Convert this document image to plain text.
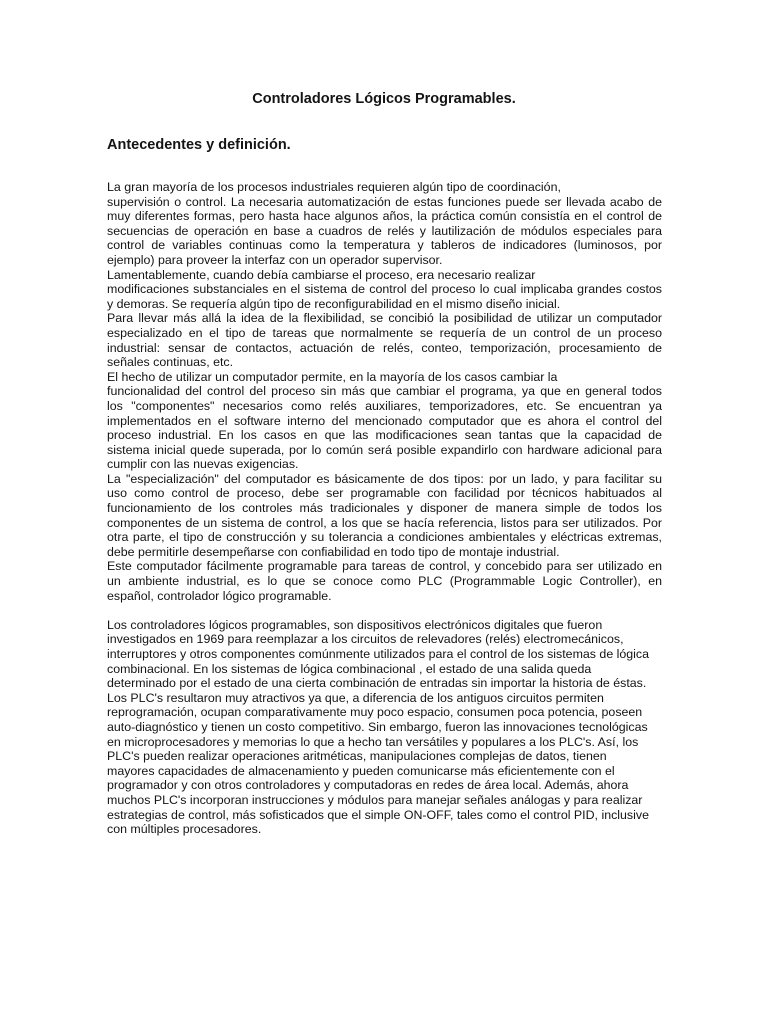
Controladores Lógicos Programables.
Antecedentes y definición.
La gran mayoría de los procesos industriales requieren algún tipo de coordinación,
supervisión o control. La necesaria automatización de estas funciones puede ser llevada acabo de
muy diferentes formas, pero hasta hace algunos años, la práctica común consistía en el control de
secuencias de operación en base a cuadros de relés y lautilización de módulos especiales para
control de variables continuas como la temperatura y tableros de indicadores (luminosos, por
ejemplo) para proveer la interfaz con un operador supervisor.
Lamentablemente, cuando debía cambiarse el proceso, era necesario realizar
modificaciones substanciales en el sistema de control del proceso lo cual implicaba grandes costos
y demoras. Se requería algún tipo de reconfigurabilidad en el mismo diseño inicial.
Para llevar más allá la idea de la flexibilidad, se concibió la posibilidad de utilizar un computador
especializado en el tipo de tareas que normalmente se requería de un control de un proceso
industrial: sensar de contactos, actuación de relés, conteo, temporización, procesamiento de
señales continuas, etc.
El hecho de utilizar un computador permite, en la mayoría de los casos cambiar la
funcionalidad del control del proceso sin más que cambiar el programa, ya que en general todos
los "componentes" necesarios como relés auxiliares, temporizadores, etc. Se encuentran ya
implementados en el software interno del mencionado computador que es ahora el control del
proceso industrial. En los casos en que las modificaciones sean tantas que la capacidad de
sistema inicial quede superada, por lo común será posible expandirlo con hardware adicional para
cumplir con las nuevas exigencias.
La "especialización" del computador es básicamente de dos tipos: por un lado, y para facilitar su
uso como control de proceso, debe ser programable con facilidad por técnicos habituados al
funcionamiento de los controles más tradicionales y disponer de manera simple de todos los
componentes de un sistema de control, a los que se hacía referencia, listos para ser utilizados. Por
otra parte, el tipo de construcción y su tolerancia a condiciones ambientales y eléctricas extremas,
debe permitirle desempeñarse con confiabilidad en todo tipo de montaje industrial.
Este computador fácilmente programable para tareas de control, y concebido para ser utilizado en
un ambiente industrial, es lo que se conoce como PLC (Programmable Logic Controller), en
español, controlador lógico programable.
Los controladores lógicos programables, son dispositivos electrónicos digitales que fueron
investigados en 1969 para reemplazar a los circuitos de relevadores (relés) electromecánicos,
interruptores y otros componentes comúnmente utilizados para el control de los sistemas de lógica
combinacional. En los sistemas de lógica combinacional , el estado de una salida queda
determinado por el estado de una cierta combinación de entradas sin importar la historia de éstas.
Los PLC's resultaron muy atractivos ya que, a diferencia de los antiguos circuitos permiten
reprogramación, ocupan comparativamente muy poco espacio, consumen poca potencia, poseen
auto-diagnóstico y tienen un costo competitivo. Sin embargo, fueron las innovaciones tecnológicas
en microprocesadores y memorias lo que a hecho tan versátiles y populares a los PLC's. Así, los
PLC's pueden realizar operaciones aritméticas, manipulaciones complejas de datos, tienen
mayores capacidades de almacenamiento y pueden comunicarse más eficientemente con el
programador y con otros controladores y computadoras en redes de área local. Además, ahora
muchos PLC's incorporan instrucciones y módulos para manejar señales análogas y para realizar
estrategias de control, más sofisticados que el simple ON-OFF, tales como el control PID, inclusive
con múltiples procesadores.
